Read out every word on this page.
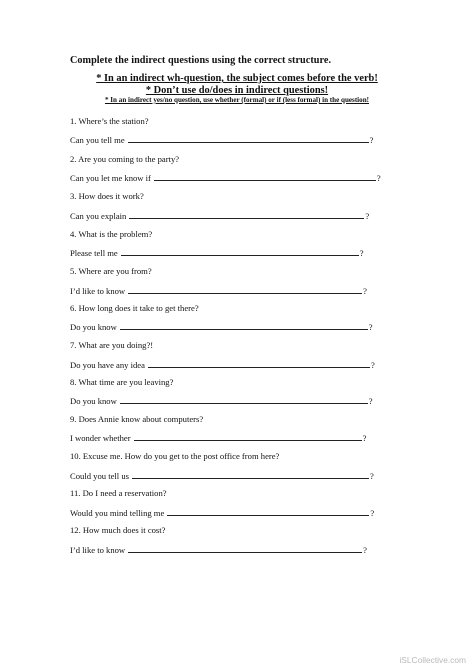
Complete the indirect questions using the correct structure.
* In an indirect wh-question, the subject comes before the verb!
* Don’t use do/does in indirect questions!
* In an indirect yes/no question, use whether (formal) or if (less formal) in the question!
1. Where’s the station?
Can you tell me	?
2. Are you coming to the party?
Can you let me know if	?
3. How does it work?
Can you explain	?
4. What is the problem?
Please tell me	?
5. Where are you from?
I’d like to know	?
6. How long does it take to get there?
Do you know	?
7. What are you doing?!
Do you have any idea	?
8. What time are you leaving?
Do you know	?
9. Does Annie know about computers?
I wonder whether	?
10. Excuse me. How do you get to the post office from here?
Could you tell us	?
11. Do I need a reservation?
Would you mind telling me	?
12. How much does it cost?
I’d like to know	?
iSLCollective.com
